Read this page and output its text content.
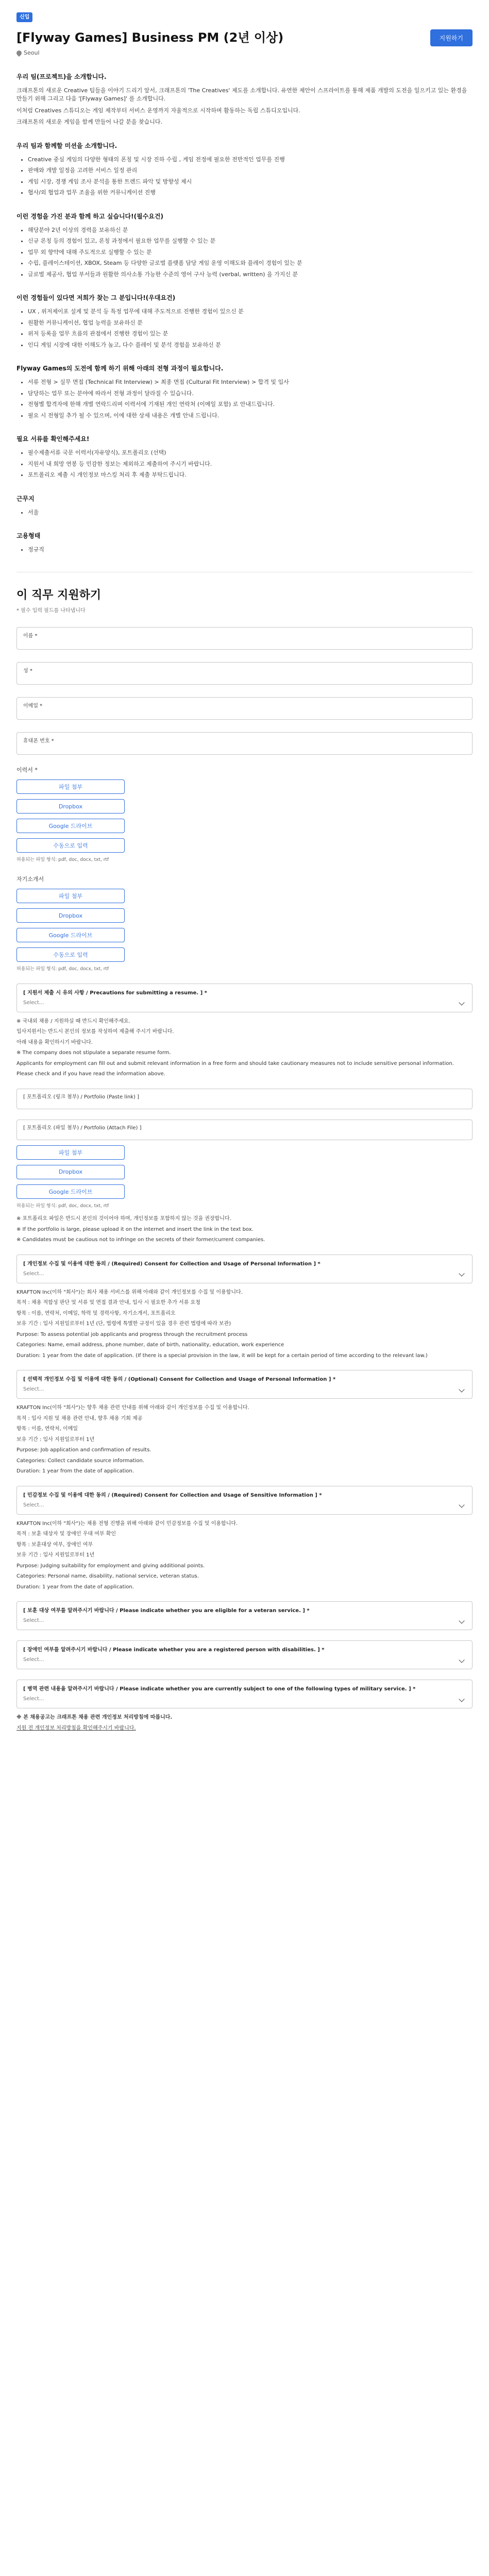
신입
[Flyway Games] Business PM (2년 이상)	지원하기
Seoul
우리 팀(프로젝트)을 소개합니다.

크래프톤의 새로운 Creative 팀들을 이야기 드리기 앞서, 크래프톤의 'The Creatives' 제도를 소개합니다. 유연한 제안이 스프라이트를 통해 제품 개발의 도전을 일으키고 있는 환경을 만들기 위해 그리고 다음 '[Flyway Games]' 를 소개합니다.

이처럼 Creatives 스튜디오는 게임 제작부터 서비스 운영까지 자율적으로 시작하며 활동하는 독립 스튜디오입니다.

크래프톤의 새로운 게임을 함께 만들어 나갈 분을 찾습니다.

우리 팀과 함께할 미션을 소개합니다.
• Creative 중심 게임의 다양한 형태의 폰칭 및 시장 진하 수립 , 게임 전정에 필요한 전반적인 업무를 진행
• 판매와 개발 일정을 고려한 서비스 일정 관리
• 게임 시장, 경쟁 게임 조사 분석을 통한 트렌드 파악 및 방향성 제시
• 협사/외 협업과 업무 조율을 위한 커뮤니케이션 진행
이런 경험을 가진 분과 함께 하고 싶습니다!(필수요건)
• 해당분야 2년 이상의 경력을 보유하신 분
• 신규 론칭 등의 경험이 있고, 론칭 과정에서 필요한 업무를 실행할 수 있는 분
• 업무 외 향약에 대해 주도적으로 실행할 수 있는 분
• 수립, 플레이스테이션, XBOX, Steam 등 다양한 글로벌 플랫폼 담당 게임 운영 이해도와 플레이 경험이 있는 분
• 글로벌 제공사, 협업 부서들과 원활한 의사소통 가능한 수준의 영어 구사 능력 (verbal, written) 을 가지신 분
이런 경험들이 있다면 저희가 찾는 그 분입니다!(우대요건)
• UX , 위저제이포 설계 및 분석 등 특정 업무에 대해 주도적으로 진행한 경험이 있으신 분
• 원활한 커뮤니케이션, 협업 능력을 보유하신 분
• 위저 등록을 업무 흐름의 관점에서 진행한 경험이 있는 분
• 인디 게임 시장에 대한 이해도가 높고, 다수 플레이 및 분석 경험을 보유하신 분
Flyway Games의 도전에 함께 하기 위해 아래의 전형 과정이 필요합니다.
• 서류 전형 > 실무 면접 (Technical Fit Interview) > 최종 면접 (Cultural Fit Interview) > 합격 및 입사
• 담당하는 업무 또는 분야에 따라서 전형 과정이 달라질 수 있습니다.
• 전형별 합격자에 한해 개별 연락드리며 이력서에 기재된 개인 연락처 (이메일 포함) 로 안내드립니다.
• 필요 시 전형일 추가 될 수 있으며, 이에 대한 상세 내용은 개별 안내 드립니다.
필요 서류를 확인해주세요!
• 필수제출서류 국문 이력서(자유양식), 포트폴리오 (선택)
• 지원서 내 희망 연봉 등 민감한 정보는 제외하고 제출하여 주시기 바랍니다.
• 포트폴리오 제출 시 개인정보 마스킹 처리 후 제출 부탁드립니다.
근무지
• 서울
고용형태
• 정규직
이 직무 지원하기
* 필수 입력 필드를 나타냅니다
이름 *
성 *
이메일 *
휴대폰 번호 *
이력서 *
파일 첨부
Dropbox
Google 드라이브
수동으로 입력
허용되는 파일 형식: pdf, doc, docx, txt, rtf
자기소개서
파일 첨부
Dropbox
Google 드라이브
수동으로 입력
허용되는 파일 형식: pdf, doc, docx, txt, rtf
[ 지원서 제출 시 유의 사항 / Precautions for submitting a resume. ] *
Select...

※ 국내외 채용 / 지원하실 때 반드시 확인해주세요.

입사지원서는 반드시 본인의 정보를 작성하여 제출해 주시기 바랍니다.

아래 내용을 확인하시기 바랍니다.

※ The company does not stipulate a separate resume form.

Applicants for employment can fill out and submit relevant information in a free form and should take cautionary measures not to include sensitive personal information.

Please check and if you have read the information above.

[ 포트폴리오 (링크 첨부) / Portfolio (Paste link) ]
[ 포트폴리오 (파일 첨부) / Portfolio (Attach File) ]
파일 첨부
Dropbox
Google 드라이브
허용되는 파일 형식: pdf, doc, docx, txt, rtf

※ 포트폴리오 파일은 반드시 본인의 것이어야 하며, 개인정보를 포함하지 않는 것을 권장합니다.

※ If the portfolio is large, please upload it on the internet and insert the link in the text box.

※ Candidates must be cautious not to infringe on the secrets of their former/current companies.

[ 개인정보 수집 및 이용에 대한 동의 / (Required) Consent for Collection and Usage of Personal Information ] *
Select...

KRAFTON Inc(이하 "회사")는 회사 채용 서비스를 위해 아래와 같이 개인정보를 수집 및 이용합니다.

목적 : 채용 적합성 판단 및 서류 및 면접 결과 안내, 입사 시 필요한 추가 서류 요청

항목 : 이름, 연락처, 이메일, 학력 및 경력사항, 자기소개서, 포트폴리오

보유 기간 : 입사 지원일로부터 1년 (단, 법령에 특별한 규정이 있을 경우 관련 법령에 따라 보관)

Purpose: To assess potential job applicants and progress through the recruitment process

Categories: Name, email address, phone number, date of birth, nationality, education, work experience

Duration: 1 year from the date of application. (If there is a special provision in the law, it will be kept for a certain period of time according to the relevant law.)

[ 선택적 개인정보 수집 및 이용에 대한 동의 / (Optional) Consent for Collection and Usage of Personal Information ] *
Select...

KRAFTON Inc(이하 "회사")는 향후 채용 관련 안내를 위해 아래와 같이 개인정보를 수집 및 이용합니다.

목적 : 입사 지원 및 채용 관련 안내, 향후 채용 기회 제공

항목 : 이름, 연락처, 이메일

보유 기간 : 입사 지원일로부터 1년

Purpose: Job application and confirmation of results.

Categories: Collect candidate source information.

Duration: 1 year from the date of application.

[ 민감정보 수집 및 이용에 대한 동의 / (Required) Consent for Collection and Usage of Sensitive Information ] *
Select...

KRAFTON Inc(이하 "회사")는 채용 전형 진행을 위해 아래와 같이 민감정보를 수집 및 이용합니다.

목적 : 보훈 대상자 및 장애인 우대 여부 확인

항목 : 보훈대상 여부, 장애인 여부

보유 기간 : 입사 지원일로부터 1년

Purpose: Judging suitability for employment and giving additional points.

Categories: Personal name, disability, national service, veteran status.

Duration: 1 year from the date of application.

[ 보훈 대상 여부를 알려주시기 바랍니다 / Please indicate whether you are eligible for a veteran service. ] *
Select...
[ 장애인 여부를 알려주시기 바랍니다 / Please indicate whether you are a registered person with disabilities. ] *
Select...
[ 병역 관련 내용을 알려주시기 바랍니다 / Please indicate whether you are currently subject to one of the following types of military service. ] *
Select...

※ 본 채용공고는 크래프톤 채용 관련 개인정보 처리방침에 따릅니다.

지원 전 개인정보 처리방침을 확인해주시기 바랍니다.
